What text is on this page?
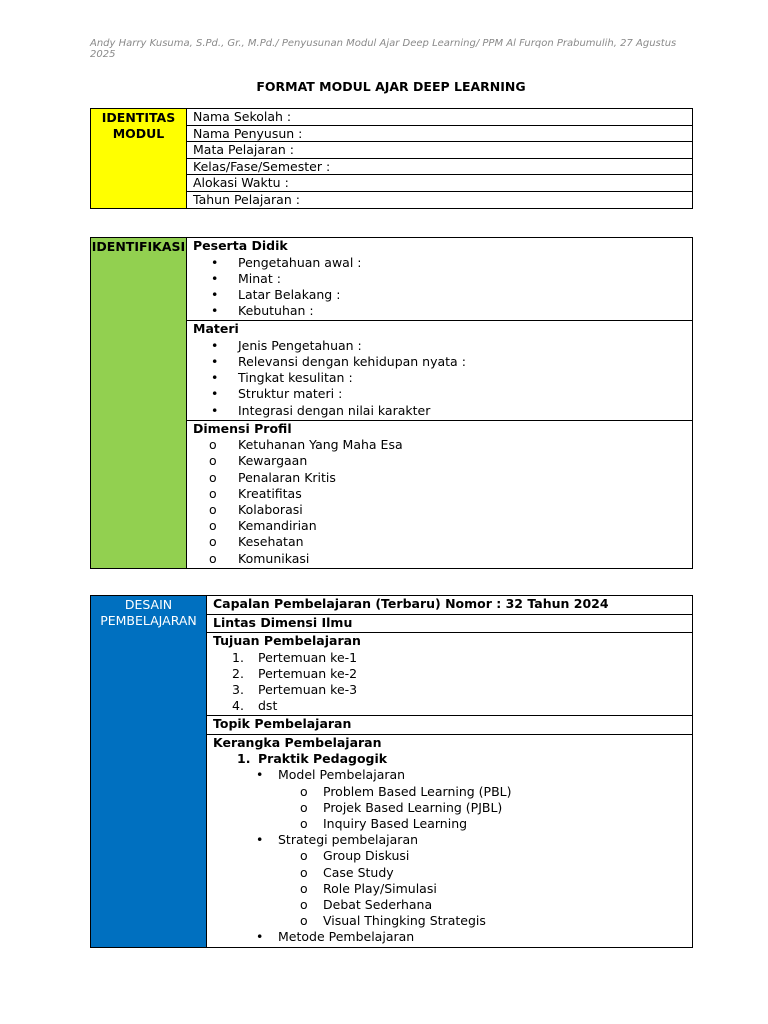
Andy Harry Kusuma, S.Pd., Gr., M.Pd./ Penyusunan Modul Ajar Deep Learning/ PPM Al Furqon Prabumulih, 27 Agustus 2025
FORMAT MODUL AJAR DEEP LEARNING
IDENTITAS
MODUL
	Nama Sekolah :
Nama Penyusun :
Mata Pelajaran :
Kelas/Fase/Semester :
Alokasi Waktu :
Tahun Pelajaran :
IDENTIFIKASI	Peserta Didik
• Pengetahuan awal :
• Minat :
• Latar Belakang :
• Kebutuhan :

Materi
• Jenis Pengetahuan :
• Relevansi dengan kehidupan nyata :
• Tingkat kesulitan :
• Struktur materi :
• Integrasi dengan nilai karakter

Dimensi Profil
o Ketuhanan Yang Maha Esa
o Kewargaan
o Penalaran Kritis
o Kreatifitas
o Kolaborasi
o Kemandirian
o Kesehatan
o Komunikasi
DESAIN
PEMBELAJARAN

Capalan Pembelajaran (Terbaru) Nomor : 32 Tahun 2024

Lintas Dimensi Ilmu

Tujuan Pembelajaran
1. Pertemuan ke-1
2. Pertemuan ke-2
3. Pertemuan ke-3
4. dst

Topik Pembelajaran

Kerangka Pembelajaran
1. Praktik Pedagogik
• Model Pembelajaran
o Problem Based Learning (PBL)
o Projek Based Learning (PJBL)
o Inquiry Based Learning
• Strategi pembelajaran
o Group Diskusi
o Case Study
o Role Play/Simulasi
o Debat Sederhana
o Visual Thingking Strategis
• Metode Pembelajaran
